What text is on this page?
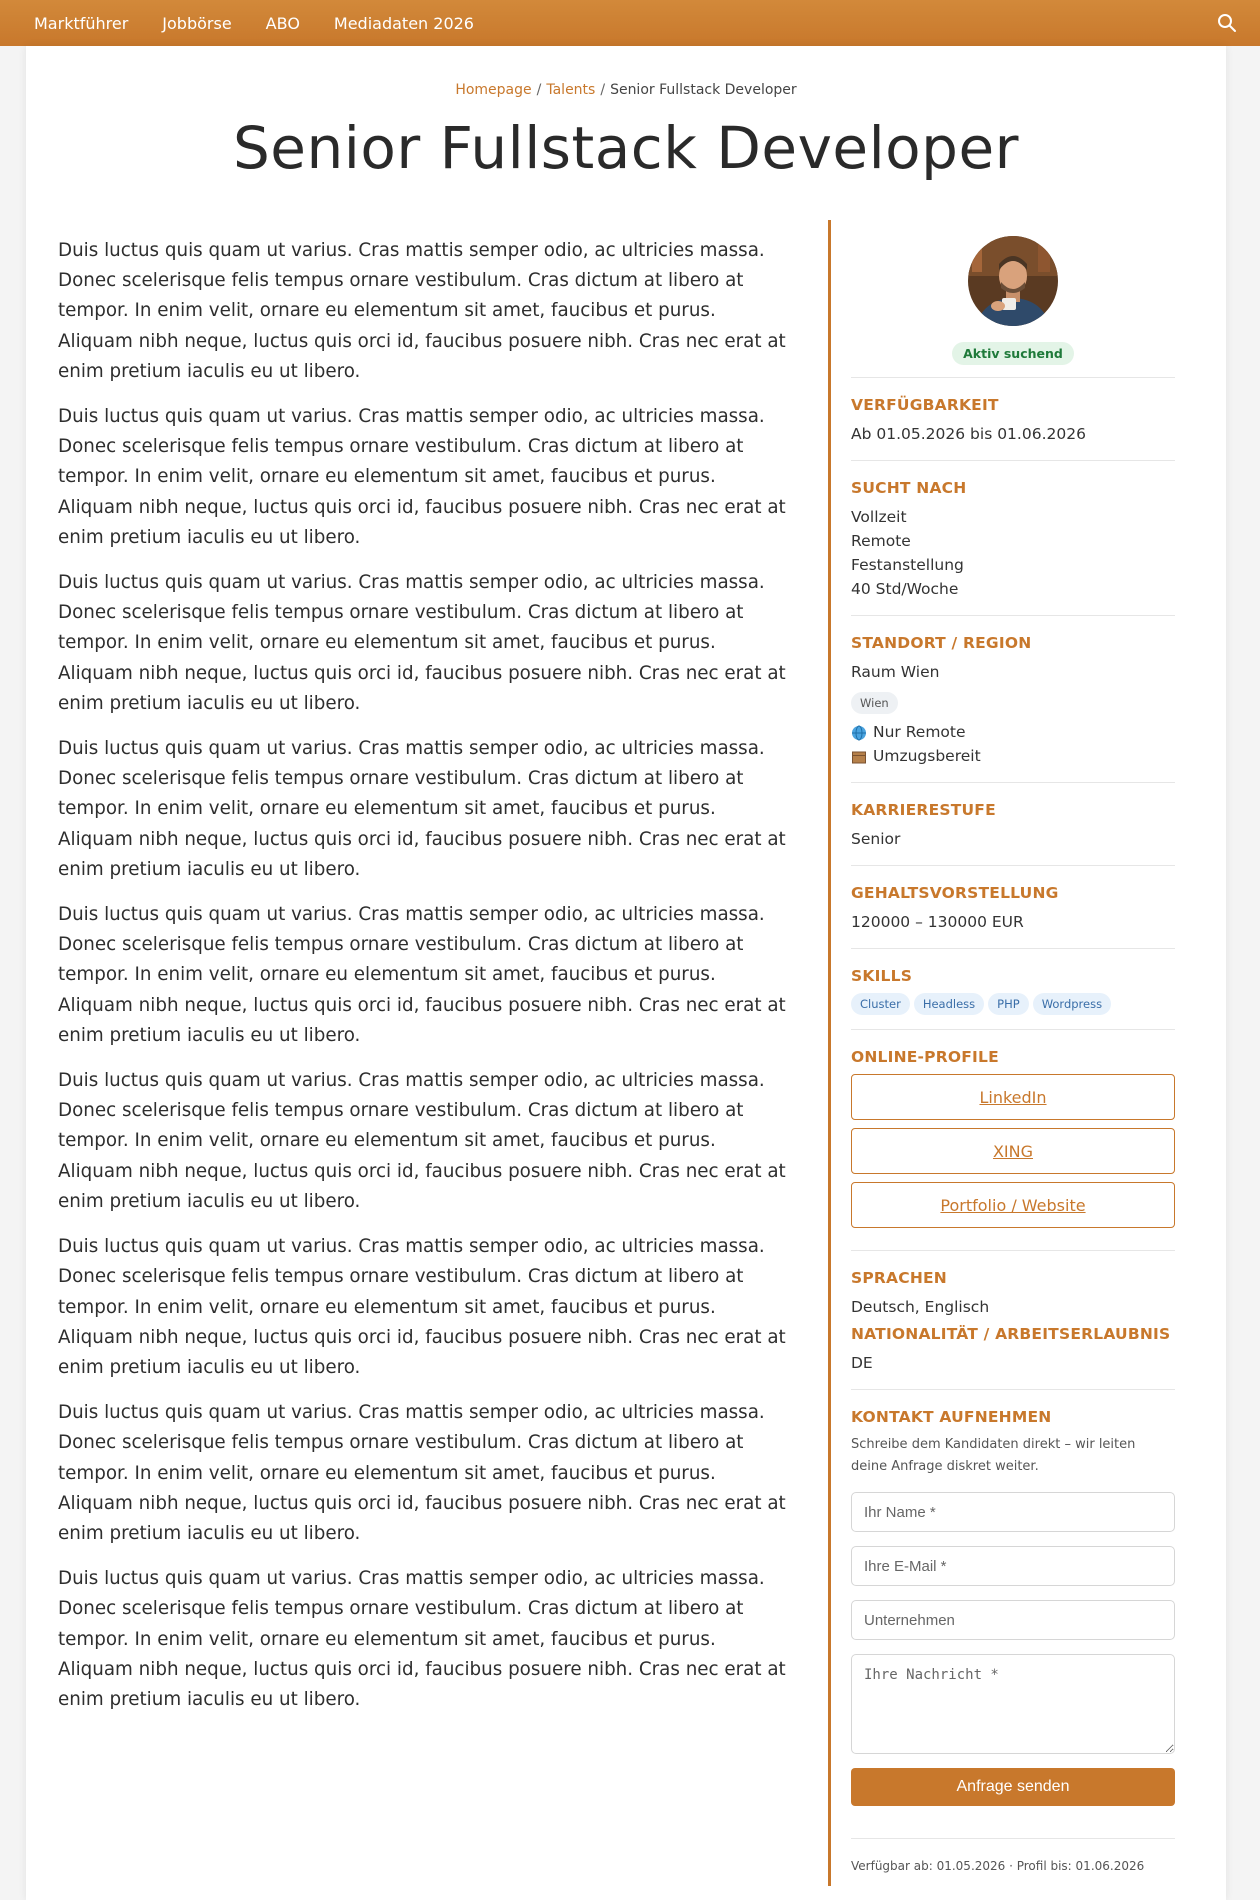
Marktführer Jobbörse ABO Mediadaten 2026
Homepage / Talents / Senior Fullstack Developer
Senior Fullstack Developer

Duis luctus quis quam ut varius. Cras mattis semper odio, ac ultricies massa. Donec scelerisque felis tempus ornare vestibulum. Cras dictum at libero at tempor. In enim velit, ornare eu elementum sit amet, faucibus et purus. Aliquam nibh neque, luctus quis orci id, faucibus posuere nibh. Cras nec erat at enim pretium iaculis eu ut libero.

Duis luctus quis quam ut varius. Cras mattis semper odio, ac ultricies massa. Donec scelerisque felis tempus ornare vestibulum. Cras dictum at libero at tempor. In enim velit, ornare eu elementum sit amet, faucibus et purus. Aliquam nibh neque, luctus quis orci id, faucibus posuere nibh. Cras nec erat at enim pretium iaculis eu ut libero.

Duis luctus quis quam ut varius. Cras mattis semper odio, ac ultricies massa. Donec scelerisque felis tempus ornare vestibulum. Cras dictum at libero at tempor. In enim velit, ornare eu elementum sit amet, faucibus et purus. Aliquam nibh neque, luctus quis orci id, faucibus posuere nibh. Cras nec erat at enim pretium iaculis eu ut libero.

Duis luctus quis quam ut varius. Cras mattis semper odio, ac ultricies massa. Donec scelerisque felis tempus ornare vestibulum. Cras dictum at libero at tempor. In enim velit, ornare eu elementum sit amet, faucibus et purus. Aliquam nibh neque, luctus quis orci id, faucibus posuere nibh. Cras nec erat at enim pretium iaculis eu ut libero.

Duis luctus quis quam ut varius. Cras mattis semper odio, ac ultricies massa. Donec scelerisque felis tempus ornare vestibulum. Cras dictum at libero at tempor. In enim velit, ornare eu elementum sit amet, faucibus et purus. Aliquam nibh neque, luctus quis orci id, faucibus posuere nibh. Cras nec erat at enim pretium iaculis eu ut libero.

Duis luctus quis quam ut varius. Cras mattis semper odio, ac ultricies massa. Donec scelerisque felis tempus ornare vestibulum. Cras dictum at libero at tempor. In enim velit, ornare eu elementum sit amet, faucibus et purus. Aliquam nibh neque, luctus quis orci id, faucibus posuere nibh. Cras nec erat at enim pretium iaculis eu ut libero.

Duis luctus quis quam ut varius. Cras mattis semper odio, ac ultricies massa. Donec scelerisque felis tempus ornare vestibulum. Cras dictum at libero at tempor. In enim velit, ornare eu elementum sit amet, faucibus et purus. Aliquam nibh neque, luctus quis orci id, faucibus posuere nibh. Cras nec erat at enim pretium iaculis eu ut libero.

Duis luctus quis quam ut varius. Cras mattis semper odio, ac ultricies massa. Donec scelerisque felis tempus ornare vestibulum. Cras dictum at libero at tempor. In enim velit, ornare eu elementum sit amet, faucibus et purus. Aliquam nibh neque, luctus quis orci id, faucibus posuere nibh. Cras nec erat at enim pretium iaculis eu ut libero.

Duis luctus quis quam ut varius. Cras mattis semper odio, ac ultricies massa. Donec scelerisque felis tempus ornare vestibulum. Cras dictum at libero at tempor. In enim velit, ornare eu elementum sit amet, faucibus et purus. Aliquam nibh neque, luctus quis orci id, faucibus posuere nibh. Cras nec erat at enim pretium iaculis eu ut libero.

Aktiv suchend
VERFÜGBARKEIT
Ab 01.05.2026 bis 01.06.2026
SUCHT NACH
Vollzeit
Remote
Festanstellung
40 Std/Woche
STANDORT / REGION
Raum Wien
Wien
Nur Remote
Umzugsbereit
KARRIERESTUFE
Senior
GEHALTSVORSTELLUNG
120000 – 130000 EUR
SKILLS
Cluster Headless PHP Wordpress
ONLINE-PROFILE
LinkedIn
XING
Portfolio / Website
SPRACHEN
Deutsch, Englisch
NATIONALITÄT / ARBEITSERLAUBNIS
DE
KONTAKT AUFNEHMEN
Schreibe dem Kandidaten direkt – wir leiten deine Anfrage diskret weiter.
Ihr Name *
Ihre E-Mail *
Unternehmen
Ihre Nachricht *
Anfrage senden
Verfügbar ab: 01.05.2026 · Profil bis: 01.06.2026
